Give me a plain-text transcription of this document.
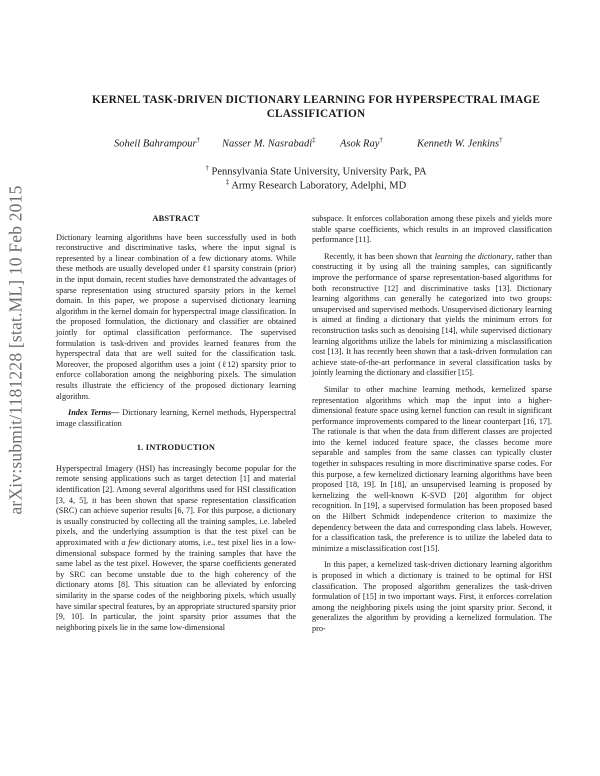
arXiv:submit/1181228 [stat.ML] 10 Feb 2015
KERNEL TASK-DRIVEN DICTIONARY LEARNING FOR HYPERSPECTRAL IMAGE
CLASSIFICATION
Soheil Bahrampour† Nasser M. Nasrabadi‡ Asok Ray†	Kenneth W. Jenkins†
† Pennsylvania State University, University Park, PA
‡ Army Research Laboratory, Adelphi, MD
ABSTRACT

Dictionary learning algorithms have been successfully used in both reconstructive and discriminative tasks, where the input signal is represented by a linear combination of a few dictionary atoms. While these methods are usually developed under ℓ1 sparsity constrain (prior) in the input domain, recent studies have demonstrated the advantages of sparse representation using structured sparsity priors in the kernel domain. In this paper, we propose a supervised dictionary learning algorithm in the kernel domain for hyperspectral image classification. In the proposed formulation, the dictionary and classifier are obtained jointly for optimal classification performance. The supervised formulation is task-driven and provides learned features from the hyperspectral data that are well suited for the classification task. Moreover, the proposed algorithm uses a joint (ℓ12) sparsity prior to enforce collaboration among the neighboring pixels. The simulation results illustrate the efficiency of the proposed dictionary learning algorithm.

Index Terms— Dictionary learning, Kernel methods, Hyperspectral image classification

1. INTRODUCTION

Hyperspectral Imagery (HSI) has increasingly become popular for the remote sensing applications such as target detection [1] and material identification [2]. Among several algorithms used for HSI classification [3, 4, 5], it has been shown that sparse representation classification (SRC) can achieve superior results [6, 7]. For this purpose, a dictionary is usually constructed by collecting all the training samples, i.e. labeled pixels, and the underlying assumption is that the test pixel can be approximated with a few dictionary atoms, i.e., test pixel lies in a low-dimensional subspace formed by the training samples that have the same label as the test pixel. However, the sparse coefficients generated by SRC can become unstable due to the high coherency of the dictionary atoms [8]. This situation can be alleviated by enforcing similarity in the sparse codes of the neighboring pixels, which usually have similar spectral features, by an appropriate structured sparsity prior [9, 10]. In particular, the joint sparsity prior assumes that the neighboring pixels lie in the same low-dimensional

subspace. It enforces collaboration among these pixels and yields more stable sparse coefficients, which results in an improved classification performance [11].

Recently, it has been shown that learning the dictionary, rather than constructing it by using all the training samples, can significantly improve the performance of sparse representation-based algorithms for both reconstructive [12] and discriminative tasks [13]. Dictionary learning algorithms can generally be categorized into two groups: unsupervised and supervised methods. Unsupervised dictionary learning is aimed at finding a dictionary that yields the minimum errors for reconstruction tasks such as denoising [14], while supervised dictionary learning algorithms utilize the labels for minimizing a misclassification cost [13]. It has recently been shown that a task-driven formulation can achieve state-of-the-art performance in several classification tasks by jointly learning the dictionary and classifier [15].

Similar to other machine learning methods, kernelized sparse representation algorithms which map the input into a higher-dimensional feature space using kernel function can result in significant performance improvements compared to the linear counterpart [16, 17]. The rationale is that when the data from different classes are projected into the kernel induced feature space, the classes become more separable and samples from the same classes can typically cluster together in subspaces resulting in more discriminative sparse codes. For this purpose, a few kernelized dictionary learning algorithms have been proposed [18, 19]. In [18], an unsupervised learning is proposed by kernelizing the well-known K-SVD [20] algorithm for object recognition. In [19], a supervised formulation has been proposed based on the Hilbert Schmidt independence criterion to maximize the dependency between the data and corresponding class labels. However, for a classification task, the preference is to utilize the labeled data to minimize a misclassification cost [15].

In this paper, a kernelized task-driven dictionary learning algorithm is proposed in which a dictionary is trained to be optimal for HSI classification. The proposed algorithm generalizes the task-driven formulation of [15] in two important ways. First, it enforces correlation among the neighboring pixels using the joint sparsity prior. Second, it generalizes the algorithm by providing a kernelized formulation. The pro-
